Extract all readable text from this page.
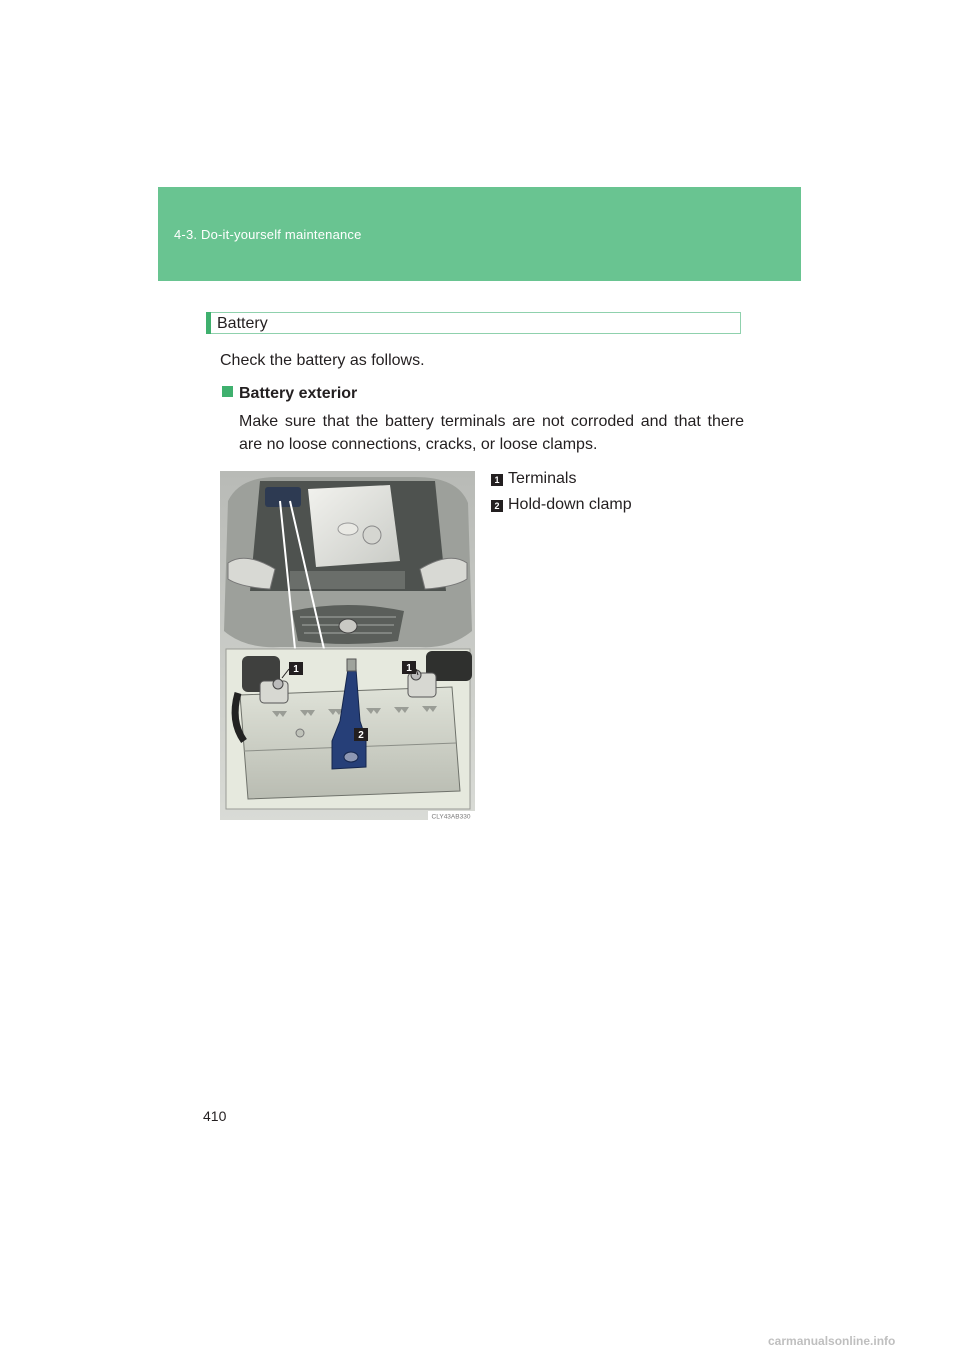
4-3. Do-it-yourself maintenance
Battery
Check the battery as follows.
Battery exterior
Make sure that the battery terminals are not corroded and that there are no loose connections, cracks, or loose clamps.
1	1
2
CLY43AB330
1 Terminals
2 Hold-down clamp
410
carmanualsonline.info
